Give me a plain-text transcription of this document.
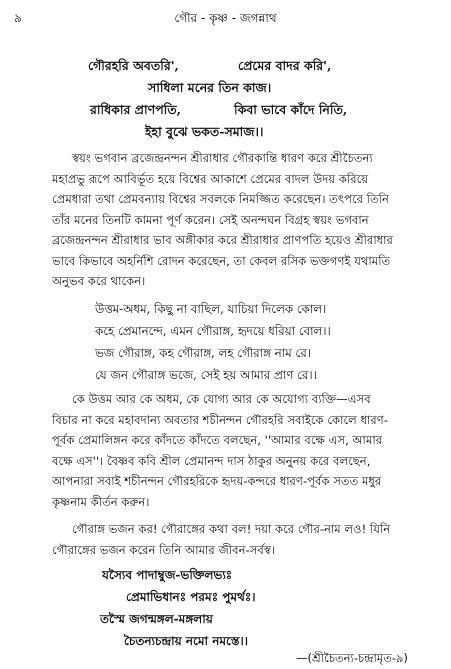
৯	গৌর - কৃষ্ণ - জগন্নাথ
গৌরহরি অবতরি',	প্রেমের বাদর করি',
সাধিলা মনের তিন কাজ।
রাধিকার প্রাণপতি,	কিবা ভাবে কাঁদে নিতি,
ইহা বুঝে ভকত-সমাজ।।
স্বয়ং ভগবান ব্রজেন্দ্রনন্দন শ্রীরাধার গৌরকান্তি ধারণ করে শ্রীচৈতন্য
মহাপ্রভু রূপে আবির্ভূত হয়ে বিশ্বের আকাশে প্রেমের বাদল উদয় করিয়ে
প্রেমধারা তথা প্রেমবন্যায় বিশ্বের সবলকে নিমজ্জিত করেছেন। তৎপরে তিনি
তাঁর মনের তিনটি কামনা পূর্ণ করেন। সেই অনন্দঘন বিগ্রহ স্বয়ং ভগবান
ব্রজেন্দ্রনন্দন শ্রীরাধার ভাব অঙ্গীকার করে শ্রীরাধার প্রাণপতি হয়েও শ্রীরাধার
ভাবে কিভাবে অহর্নিশি রোদন করেছেন, তা কেবল রসিক ভক্তগণই যথামতি
অনুভব করে থাকেন।
উত্তম-অধম, কিছু না বাছিল, যাচিয়া দিলেক কোল।
কহে প্রেমানন্দে, এমন গৌরাঙ্গ, হৃদয়ে ধরিয়া বোল।।
ভজ গৌরাঙ্গ, কহ গৌরাঙ্গ, লহ গৌরাঙ্গ নাম রে।
যে জন গৌরাঙ্গ ভজে, সেই হয় আমার প্রাণ রে।।
কে উত্তম আর কে অধম, কে যোগ্য আর কে অযোগ্য ব্যক্তি—এসব
বিচার না করে মহাবদান্য অবতার শচীনন্দন গৌরহরি সবাইকে কোলে ধারণ-
পূর্বক প্রেমালিঙ্গন করে কাঁদতে কাঁদতে বলছেন, ''আমার বক্ষে এস, আমার
বক্ষে এস''। বৈষ্ণব কবি শ্রীল প্রেমানন্দ দাস ঠাকুর অনুনয় করে বলছেন,
আপনারা সবাই শচীনন্দন গৌরহরিকে হৃদয়-কন্দরে ধারণ-পূর্বক সতত মধুর
কৃষ্ণনাম কীর্তন করুন।
গৌরাঙ্গ ভজন কর! গৌরাঙ্গের কথা বল! দয়া করে গৌর-নাম লও! যিনি
গৌরাঙ্গের ভজন করেন তিনি আমার জীবন-সর্বস্ব।
যস্যৈব পাদাম্বুজ-ভক্তিলভ্যঃ
প্রেমাভিধানঃ পরমঃ পুমর্থঃ।
তস্মৈ জগন্মঙ্গল-মঙ্গলায়
চৈতন্যচন্দ্রায় নমো নমস্তে।।
—(শ্রীচৈতন্য-চন্দ্রামৃত-৯)
